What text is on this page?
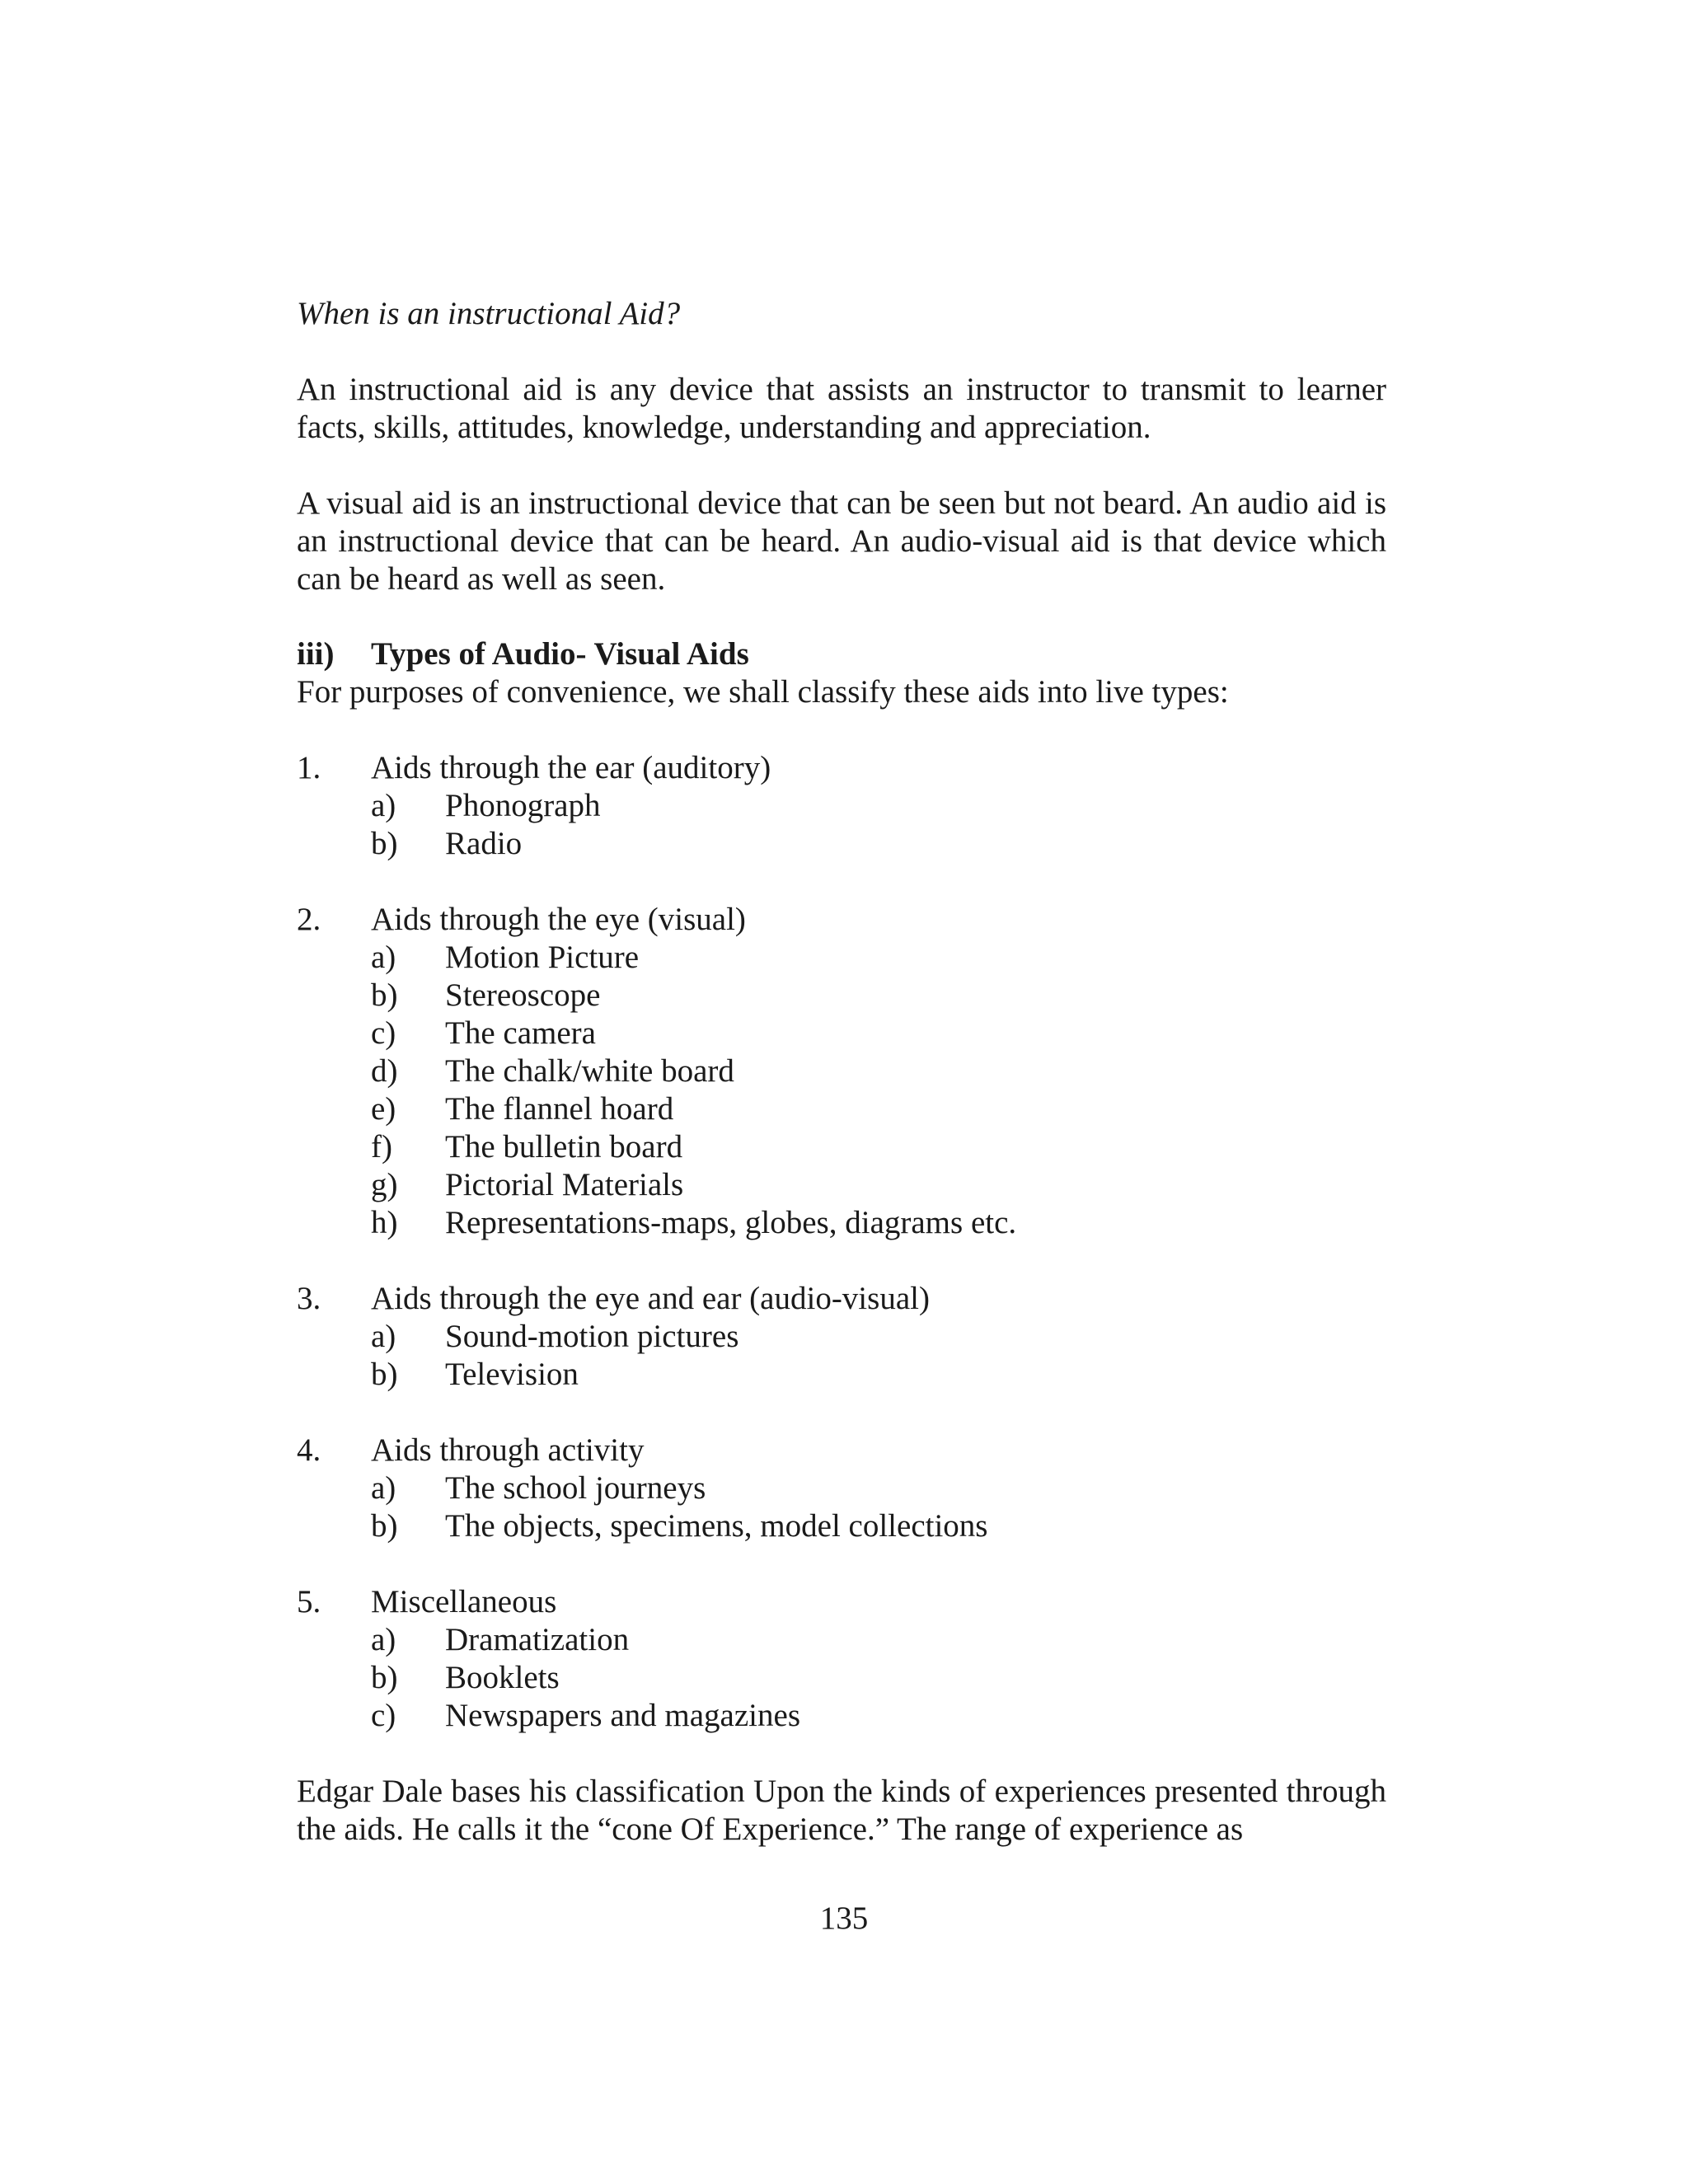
When is an instructional Aid?
An instructional aid is any device that assists an instructor to transmit to learner facts, skills, attitudes, knowledge, understanding and appreciation.
A visual aid is an instructional device that can be seen but not beard. An audio aid is an instructional device that can be heard. An audio-visual aid is that device which can be heard as well as seen.
iii) Types of Audio- Visual Aids
For purposes of convenience, we shall classify these aids into live types:
1. Aids through the ear (auditory)
a) Phonograph
b) Radio
2. Aids through the eye (visual)
a) Motion Picture
b) Stereoscope
c) The camera
d) The chalk/white board
e) The flannel hoard
f) The bulletin board
g) Pictorial Materials
h) Representations-maps, globes, diagrams etc.
3. Aids through the eye and ear (audio-visual)
a) Sound-motion pictures
b) Television
4. Aids through activity
a) The school journeys
b) The objects, specimens, model collections
5. Miscellaneous
a) Dramatization
b) Booklets
c) Newspapers and magazines
Edgar Dale bases his classification Upon the kinds of experiences presented through the aids. He calls it the “cone Of Experience.” The range of experience as
135
